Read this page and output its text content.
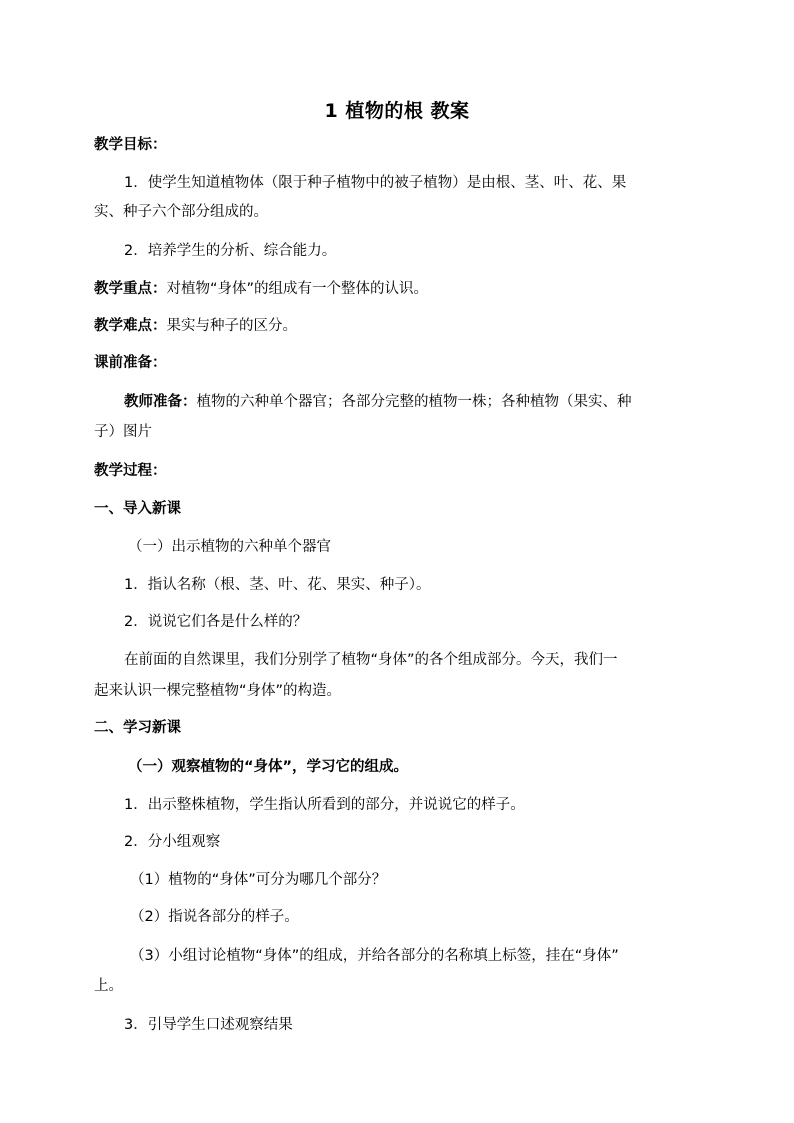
1 植物的根 教案
教学目标：
1．使学生知道植物体（限于种子植物中的被子植物）是由根、茎、叶、花、果
实、种子六个部分组成的。
2．培养学生的分析、综合能力。
教学重点：对植物“身体”的组成有一个整体的认识。
教学难点：果实与种子的区分。
课前准备：
教师准备：植物的六种单个器官；各部分完整的植物一株；各种植物（果实、种
子）图片
教学过程：
一、导入新课
（一）出示植物的六种单个器官
1．指认名称（根、茎、叶、花、果实、种子）。
2．说说它们各是什么样的？
在前面的自然课里，我们分别学了植物“身体”的各个组成部分。今天，我们一
起来认识一棵完整植物“身体”的构造。
二、学习新课
（一）观察植物的“身体”，学习它的组成。
1．出示整株植物，学生指认所看到的部分，并说说它的样子。
2．分小组观察
（1）植物的“身体”可分为哪几个部分？
（2）指说各部分的样子。
（3）小组讨论植物“身体”的组成，并给各部分的名称填上标签，挂在“身体”
上。
3．引导学生口述观察结果
